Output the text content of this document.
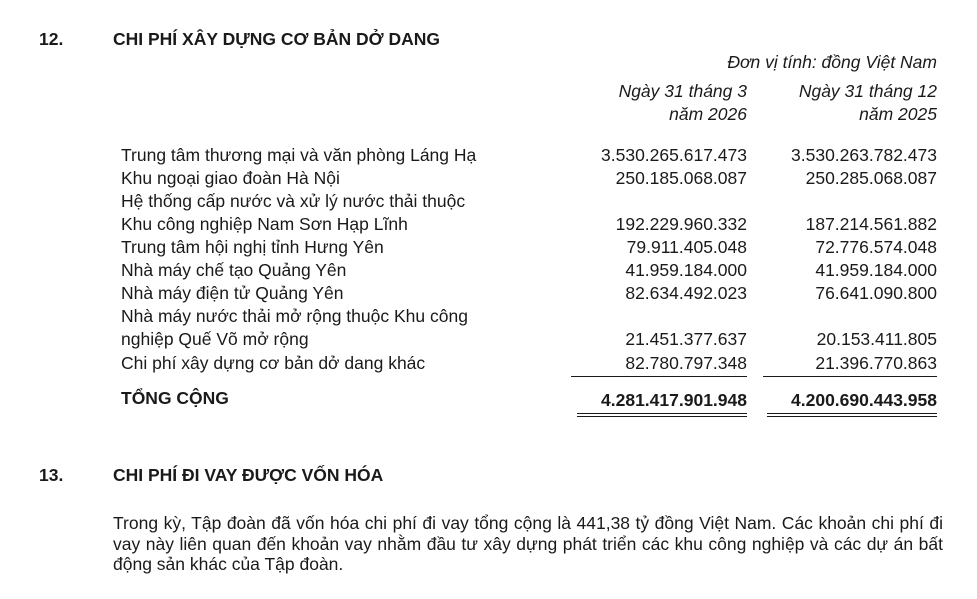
12.	CHI PHÍ XÂY DỰNG CƠ BẢN DỞ DANG
Đơn vị tính: đồng Việt Nam
Ngày 31 tháng 3
năm 2026
Ngày 31 tháng 12
năm 2025
Trung tâm thương mại và văn phòng Láng Hạ	3.530.265.617.473	3.530.263.782.473
Khu ngoại giao đoàn Hà Nội	250.185.068.087	250.285.068.087
Hệ thống cấp nước và xử lý nước thải thuộc
Khu công nghiệp Nam Sơn Hạp Lĩnh	192.229.960.332	187.214.561.882
Trung tâm hội nghị tỉnh Hưng Yên	79.911.405.048	72.776.574.048
Nhà máy chế tạo Quảng Yên	41.959.184.000	41.959.184.000
Nhà máy điện tử Quảng Yên	82.634.492.023	76.641.090.800
Nhà máy nước thải mở rộng thuộc Khu công
nghiệp Quế Võ mở rộng	21.451.377.637	20.153.411.805
Chi phí xây dựng cơ bản dở dang khác	82.780.797.348	21.396.770.863
TỔNG CỘNG	4.281.417.901.948	4.200.690.443.958
13.	CHI PHÍ ĐI VAY ĐƯỢC VỐN HÓA
Trong kỳ, Tập đoàn đã vốn hóa chi phí đi vay tổng cộng là 441,38 tỷ đồng Việt Nam. Các khoản chi phí đi vay này liên quan đến khoản vay nhằm đầu tư xây dựng phát triển các khu công nghiệp và các dự án bất động sản khác của Tập đoàn.
